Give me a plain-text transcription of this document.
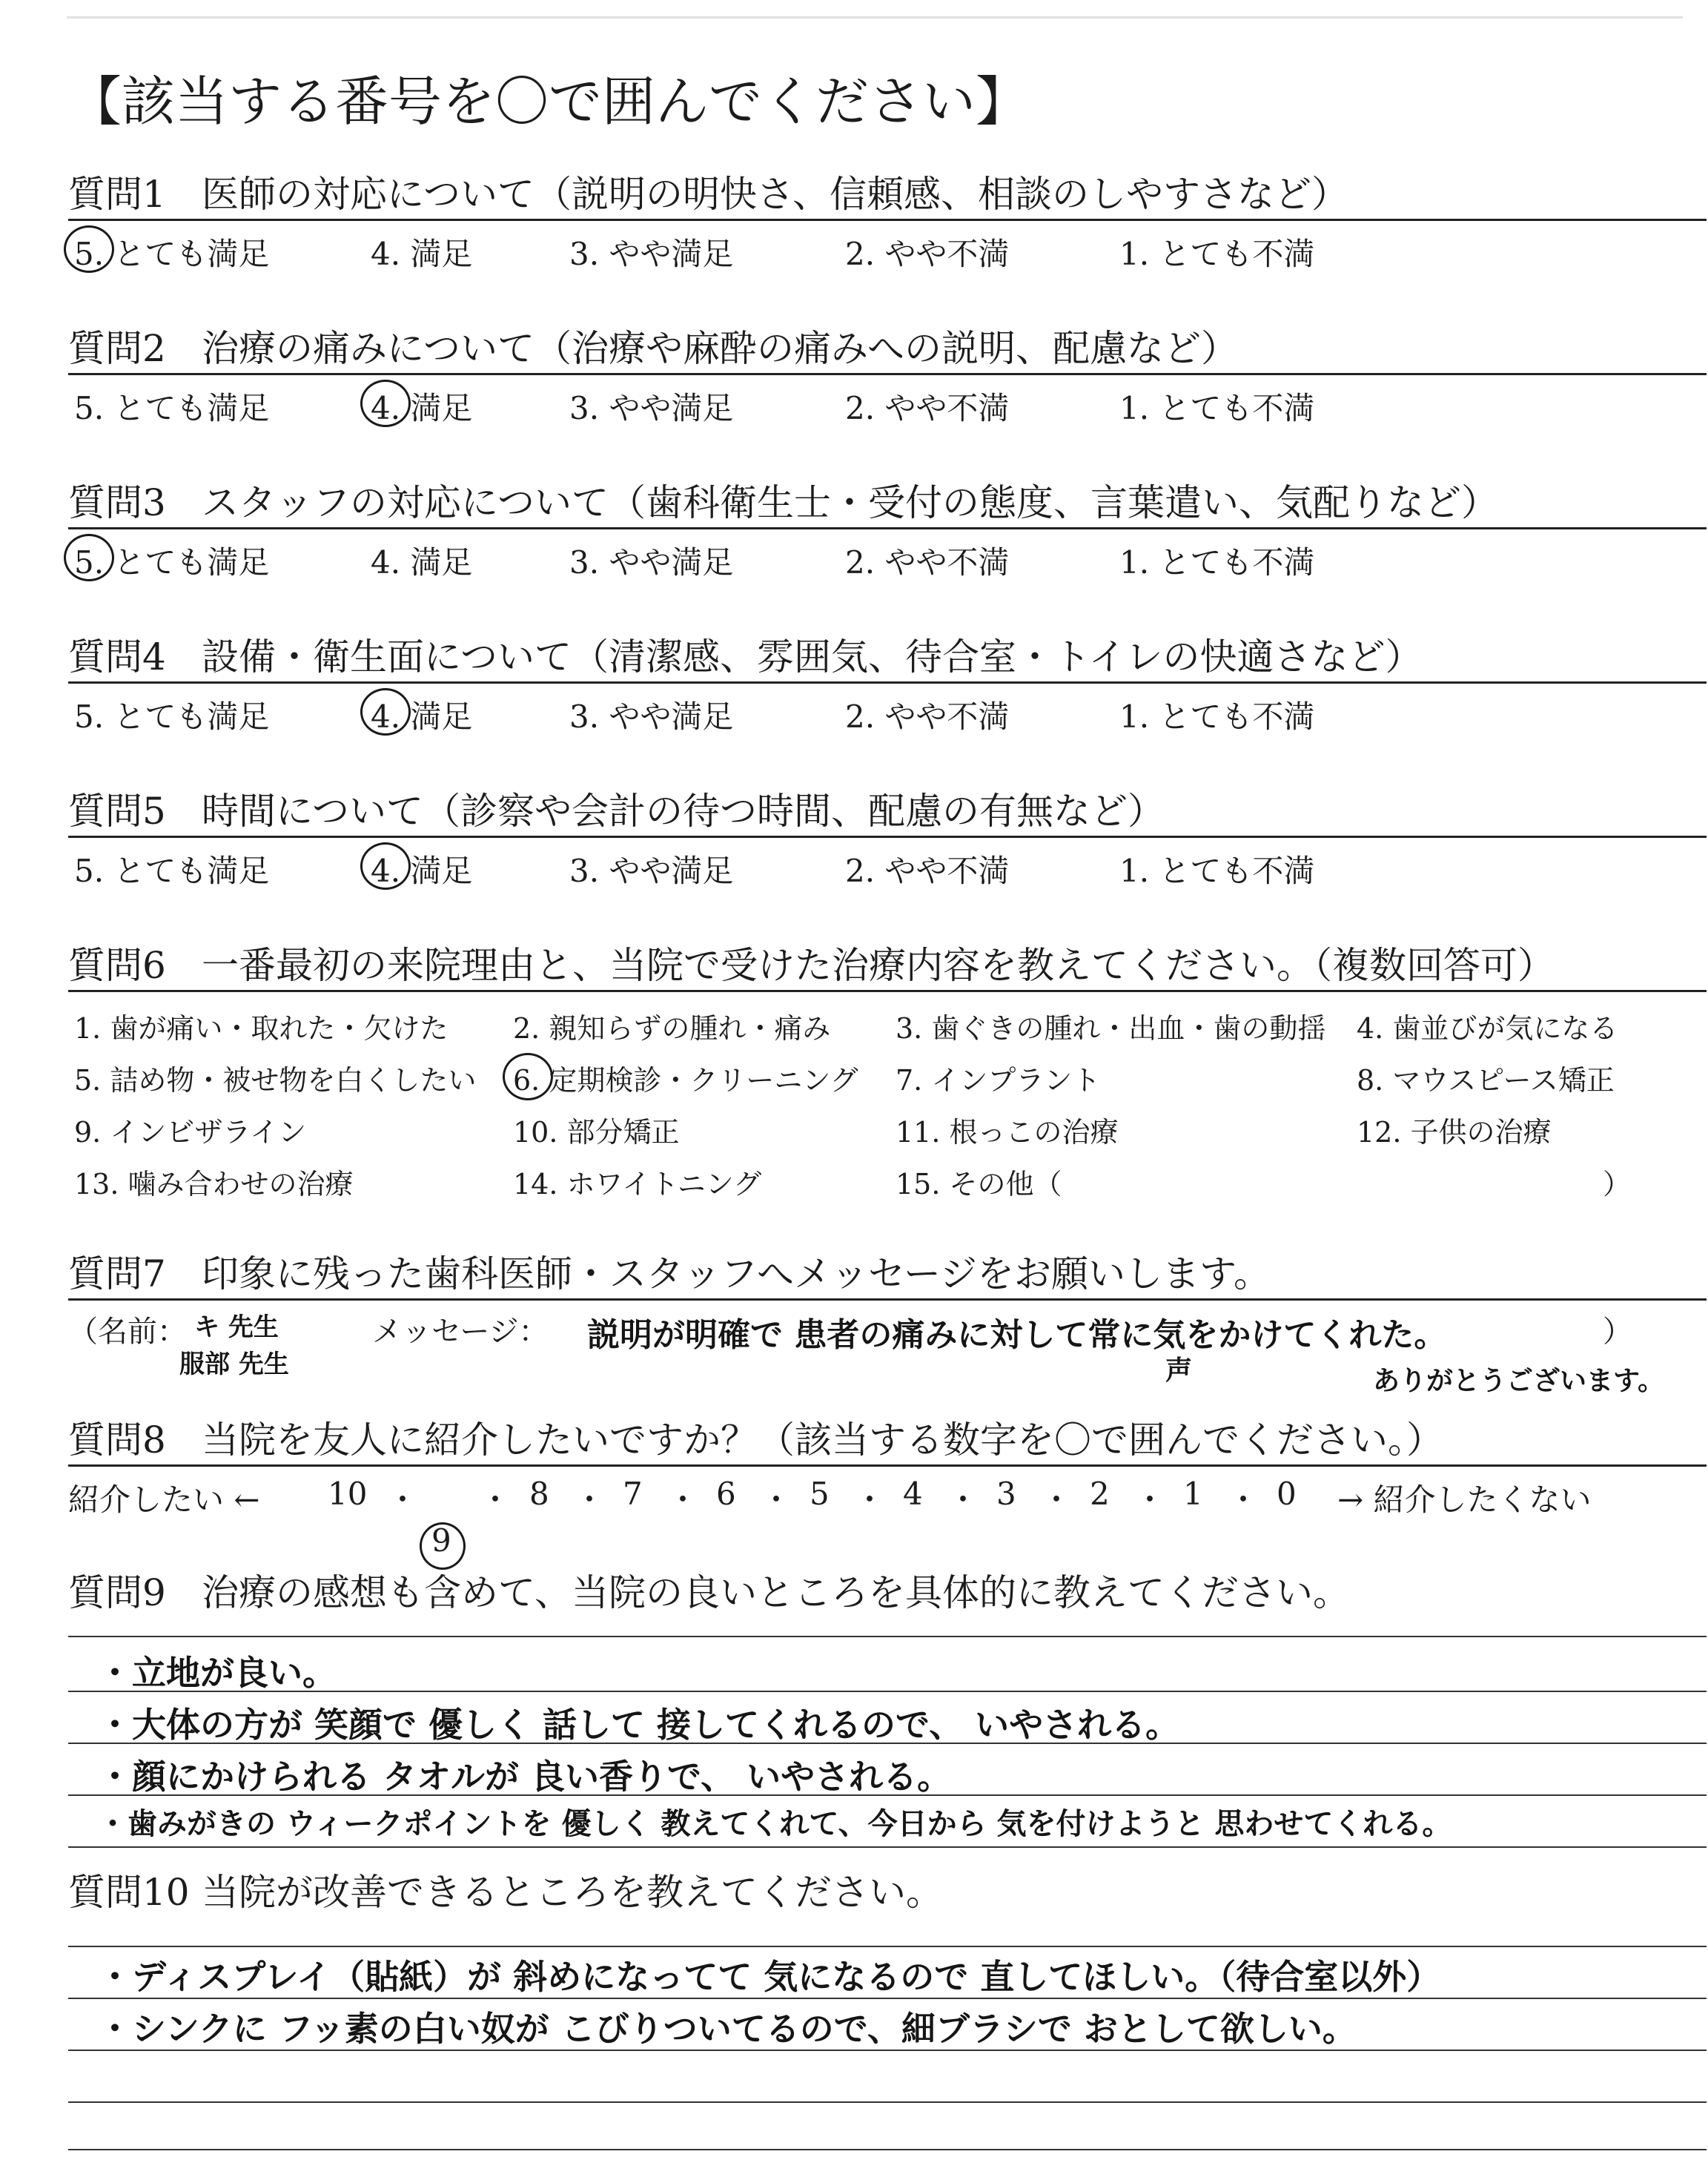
【該当する番号を〇で囲んでください】
質問1 医師の対応について（説明の明快さ、信頼感、相談のしやすさなど）
5. とても満足	4. 満足	3. やや満足	2. やや不満	1. とても不満
質問2 治療の痛みについて（治療や麻酔の痛みへの説明、配慮など）
5. とても満足	4. 満足	3. やや満足	2. やや不満	1. とても不満
質問3 スタッフの対応について（歯科衛生士・受付の態度、言葉遣い、気配りなど）
5. とても満足	4. 満足	3. やや満足	2. やや不満	1. とても不満
質問4 設備・衛生面について（清潔感、雰囲気、待合室・トイレの快適さなど）
5. とても満足	4. 満足	3. やや満足	2. やや不満	1. とても不満
質問5 時間について（診察や会計の待つ時間、配慮の有無など）
5. とても満足	4. 満足	3. やや満足	2. やや不満	1. とても不満
質問6 一番最初の来院理由と、当院で受けた治療内容を教えてください。（複数回答可）
1. 歯が痛い・取れた・欠けた 2. 親知らずの腫れ・痛み 3. 歯ぐきの腫れ・出血・歯の動揺 4. 歯並びが気になる
5. 詰め物・被せ物を白くしたい 6. 定期検診・クリーニング 7. インプラント	8. マウスピース矯正
9. インビザライン	10. 部分矯正	11. 根っこの治療	12. 子供の治療
13. 噛み合わせの治療	14. ホワイトニング	15. その他（	）
質問7 印象に残った歯科医師・スタッフへメッセージをお願いします。
（名前： キ 先生
服部 先生
メッセージ： 説明が明確で 患者の痛みに対して常に気をかけてくれた。
声	ありがとうございます。
）
質問8 当院を友人に紹介したいですか？（該当する数字を〇で囲んでください。）
紹介したい ← 10 ・
9
・ 8 ・ 7 ・ 6 ・ 5 ・ 4 ・ 3 ・ 2 ・ 1 ・ 0 → 紹介したくない
質問9 治療の感想も含めて、当院の良いところを具体的に教えてください。
・立地が良い。
・大体の方が 笑顔で 優しく 話して 接してくれるので、 いやされる。
・顔にかけられる タオルが 良い香りで、 いやされる。
・歯みがきの ウィークポイントを 優しく 教えてくれて、今日から 気を付けようと 思わせてくれる。
質問10 当院が改善できるところを教えてください。
・ディスプレイ（貼紙）が 斜めになってて 気になるので 直してほしい。（待合室以外）
・シンクに フッ素の白い奴が こびりついてるので、細ブラシで おとして欲しい。
